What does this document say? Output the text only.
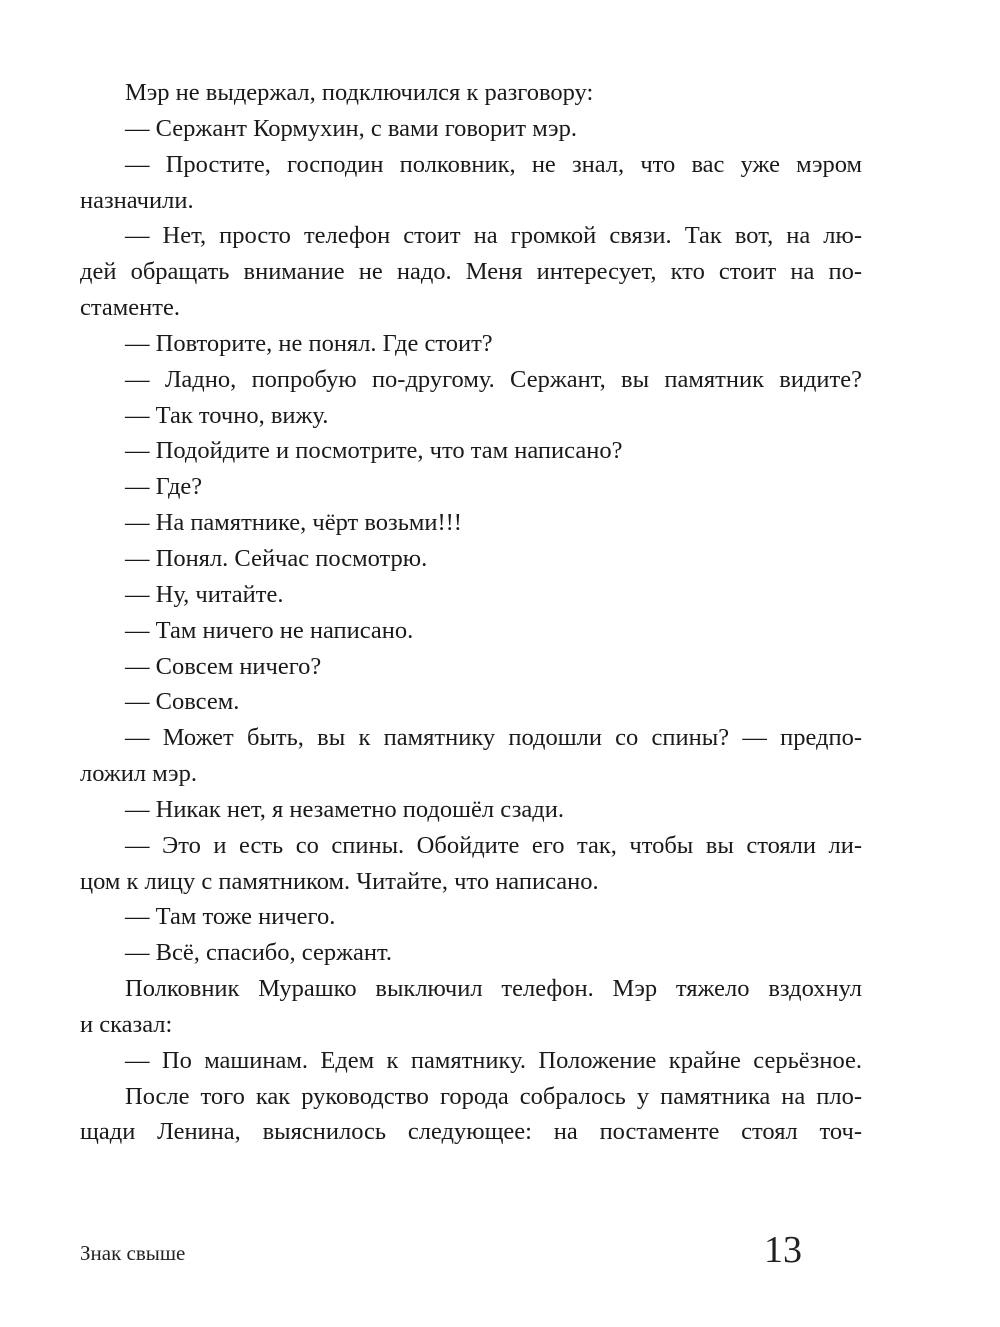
Мэр не выдержал, подключился к разговору:
— Сержант Кормухин, с вами говорит мэр.
— Простите, господин полковник, не знал, что вас уже мэром
назначили.
— Нет, просто телефон стоит на громкой связи. Так вот, на лю-
дей обращать внимание не надо. Меня интересует, кто стоит на по-
стаменте.
— Повторите, не понял. Где стоит?
— Ладно, попробую по-другому. Сержант, вы памятник видите?
— Так точно, вижу.
— Подойдите и посмотрите, что там написано?
— Где?
— На памятнике, чёрт возьми!!!
— Понял. Сейчас посмотрю.
— Ну, читайте.
— Там ничего не написано.
— Совсем ничего?
— Совсем.
— Может быть, вы к памятнику подошли со спины? — предпо-
ложил мэр.
— Никак нет, я незаметно подошёл сзади.
— Это и есть со спины. Обойдите его так, чтобы вы стояли ли-
цом к лицу с памятником. Читайте, что написано.
— Там тоже ничего.
— Всё, спасибо, сержант.
Полковник Мурашко выключил телефон. Мэр тяжело вздохнул
и сказал:
— По машинам. Едем к памятнику. Положение крайне серьёзное.
После того как руководство города собралось у памятника на пло-
щади Ленина, выяснилось следующее: на постаменте стоял точ-
Знак свыше	13
